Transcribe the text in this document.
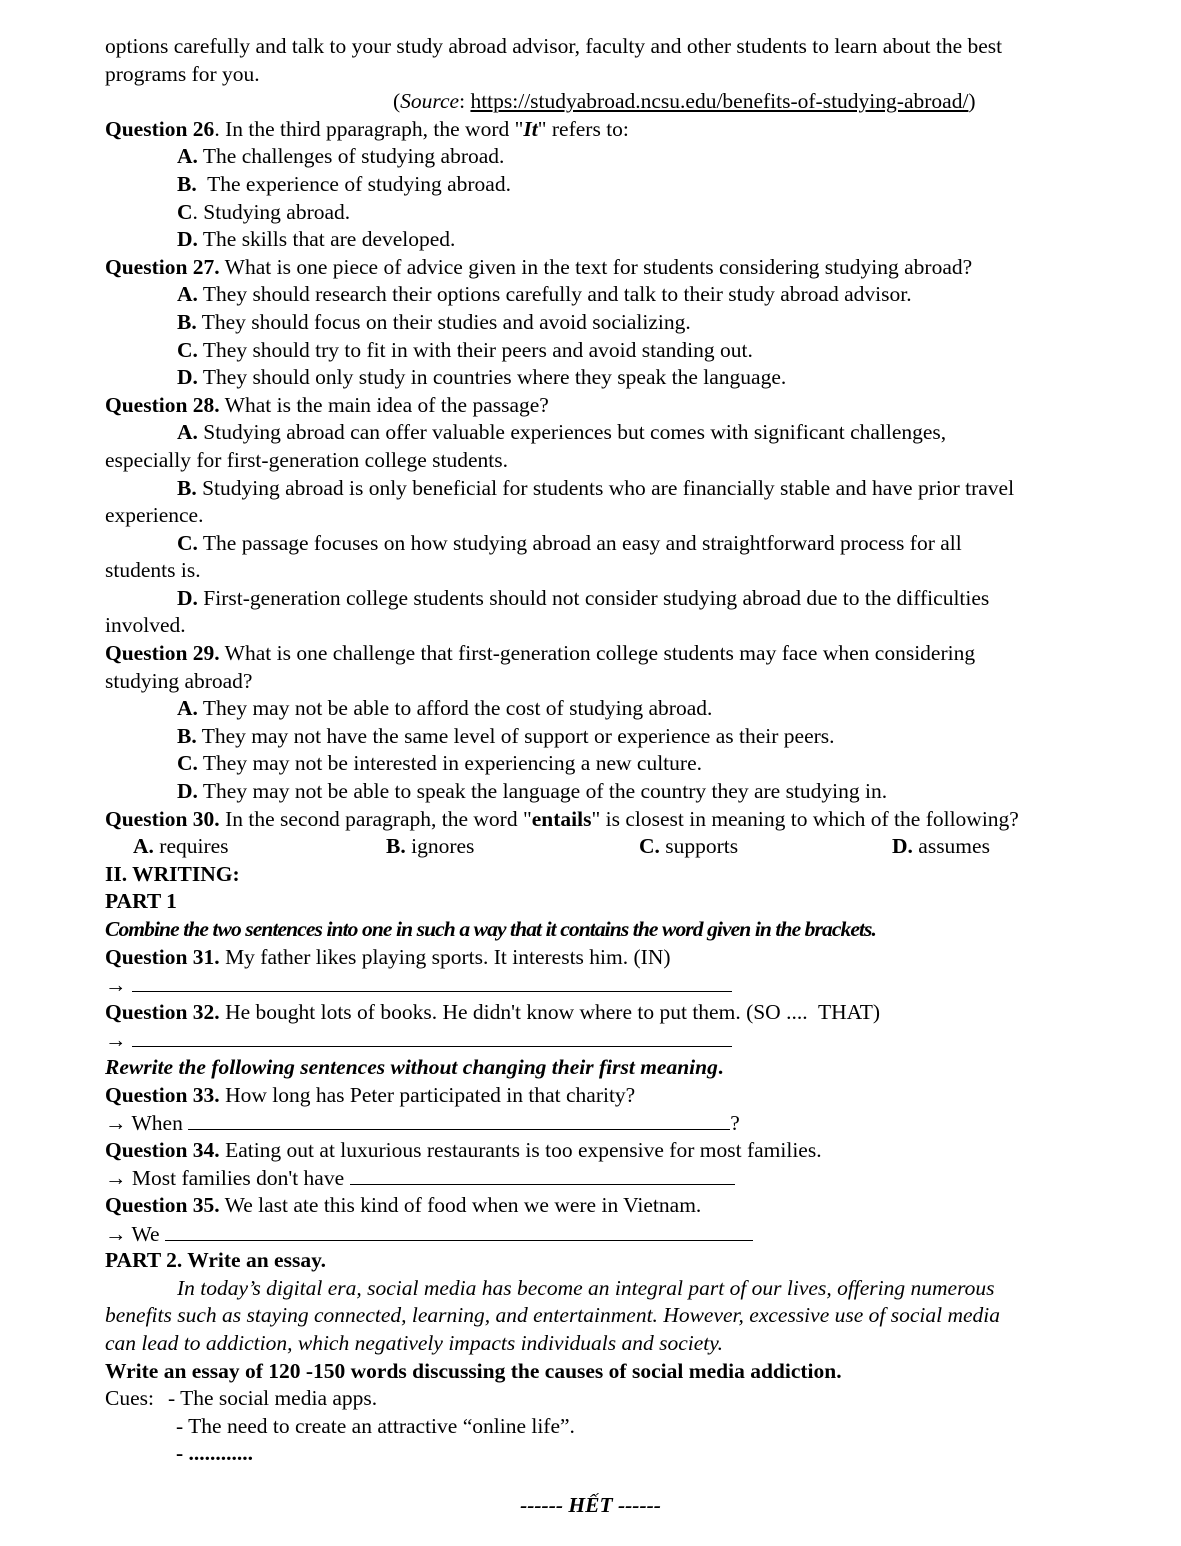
options carefully and talk to your study abroad advisor, faculty and other students to learn about the best
programs for you.
(Source: https://studyabroad.ncsu.edu/benefits-of-studying-abroad/)
Question 26. In the third pparagraph, the word "It" refers to:
A. The challenges of studying abroad.
B.  The experience of studying abroad.
C. Studying abroad.
D. The skills that are developed.
Question 27. What is one piece of advice given in the text for students considering studying abroad?
A. They should research their options carefully and talk to their study abroad advisor.
B. They should focus on their studies and avoid socializing.
C. They should try to fit in with their peers and avoid standing out.
D. They should only study in countries where they speak the language.
Question 28. What is the main idea of the passage?
A. Studying abroad can offer valuable experiences but comes with significant challenges,
especially for first-generation college students.
B. Studying abroad is only beneficial for students who are financially stable and have prior travel
experience.
C. The passage focuses on how studying abroad an easy and straightforward process for all
students is.
D. First-generation college students should not consider studying abroad due to the difficulties
involved.
Question 29. What is one challenge that first-generation college students may face when considering
studying abroad?
A. They may not be able to afford the cost of studying abroad.
B. They may not have the same level of support or experience as their peers.
C. They may not be interested in experiencing a new culture.
D. They may not be able to speak the language of the country they are studying in.
Question 30. In the second paragraph, the word "entails" is closest in meaning to which of the following?
A. requires	B. ignores	C. supports	D. assumes
II. WRITING:
PART 1
Combine the two sentences into one in such a way that it contains the word given in the brackets.
Question 31. My father likes playing sports. It interests him. (IN)
→
Question 32. He bought lots of books. He didn't know where to put them. (SO ....  THAT)
→
Rewrite the following sentences without changing their first meaning.
Question 33. How long has Peter participated in that charity?
→ When	?
Question 34. Eating out at luxurious restaurants is too expensive for most families.
→ Most families don't have
Question 35. We last ate this kind of food when we were in Vietnam.
→ We
PART 2. Write an essay.
In today’s digital era, social media has become an integral part of our lives, offering numerous
benefits such as staying connected, learning, and entertainment. However, excessive use of social media
can lead to addiction, which negatively impacts individuals and society.
Write an essay of 120 -150 words discussing the causes of social media addiction.
Cues: - The social media apps.
- The need to create an attractive “online life”.
- ............
------ HẾT ------
